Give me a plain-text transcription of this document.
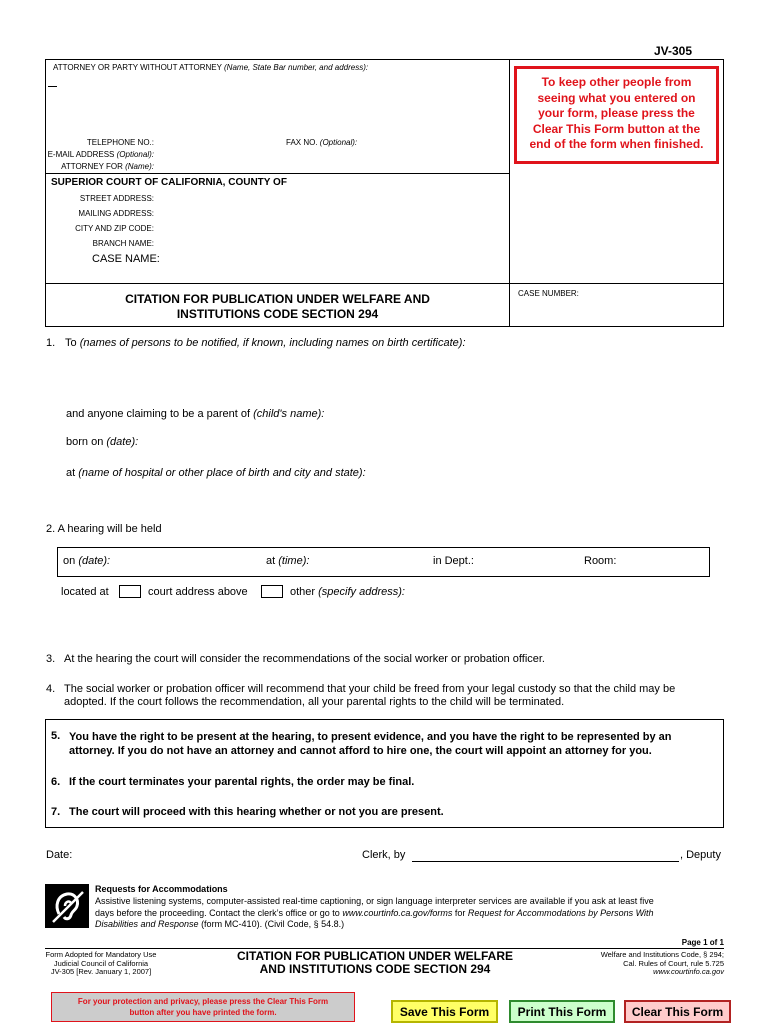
JV-305
ATTORNEY OR PARTY WITHOUT ATTORNEY (Name, State Bar number, and address):
TELEPHONE NO.:	FAX NO. (Optional):
E-MAIL ADDRESS (Optional):
ATTORNEY FOR (Name):
SUPERIOR COURT OF CALIFORNIA, COUNTY OF
STREET ADDRESS:
MAILING ADDRESS:
CITY AND ZIP CODE:
BRANCH NAME:
CASE NAME:
CITATION FOR PUBLICATION UNDER WELFARE AND
INSTITUTIONS CODE SECTION 294
CASE NUMBER:
To keep other people from seeing what you entered on your form, please press the Clear This Form button at the end of the form when finished.
1. To (names of persons to be notified, if known, including names on birth certificate):
and anyone claiming to be a parent of (child's name):
born on (date):
at (name of hospital or other place of birth and city and state):
2. A hearing will be held
on (date):	at (time):	in Dept.:	Room:
located at	court address above	other (specify address):
3. At the hearing the court will consider the recommendations of the social worker or probation officer.
4. The social worker or probation officer will recommend that your child be freed from your legal custody so that the child may be
adopted. If the court follows the recommendation, all your parental rights to the child will be terminated.
5. You have the right to be present at the hearing, to present evidence, and you have the right to be represented by an
attorney. If you do not have an attorney and cannot afford to hire one, the court will appoint an attorney for you.
6. If the court terminates your parental rights, the order may be final.
7. The court will proceed with this hearing whether or not you are present.
Date:	Clerk, by	, Deputy
Requests for Accommodations
Assistive listening systems, computer-assisted real-time captioning, or sign language interpreter services are available if you ask at least five
days before the proceeding. Contact the clerk’s office or go to www.courtinfo.ca.gov/forms for Request for Accommodations by Persons With
Disabilities and Response (form MC-410). (Civil Code, § 54.8.)
Page 1 of 1
Form Adopted for Mandatory Use
Judicial Council of California
JV-305 [Rev. January 1, 2007]
CITATION FOR PUBLICATION UNDER WELFARE
AND INSTITUTIONS CODE SECTION 294
Welfare and Institutions Code, § 294;
Cal. Rules of Court, rule 5.725
www.courtinfo.ca.gov
For your protection and privacy, please press the Clear This Form button after you have printed the form.	Save This Form	Print This Form	Clear This Form
